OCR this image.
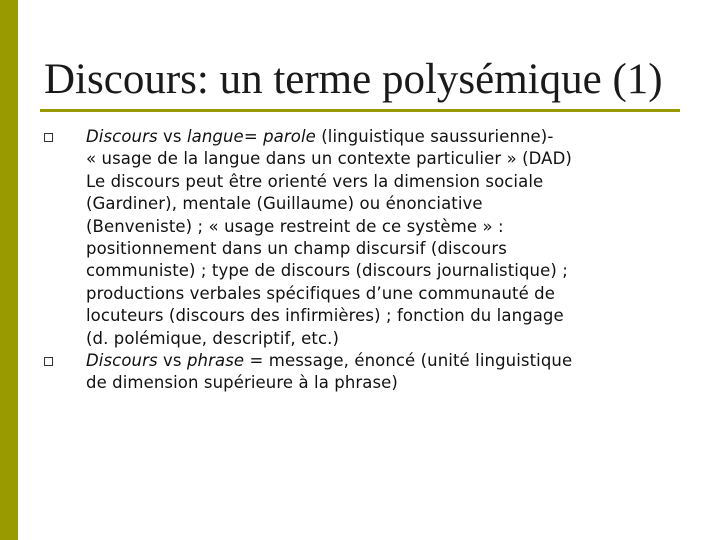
Discours: un terme polysémique (1)
Discours vs langue= parole (linguistique saussurienne)-
« usage de la langue dans un contexte particulier » (DAD)
Le discours peut être orienté vers la dimension sociale
(Gardiner), mentale (Guillaume) ou énonciative
(Benveniste) ; « usage restreint de ce système » :
positionnement dans un champ discursif (discours
communiste) ; type de discours (discours journalistique) ;
productions verbales spécifiques d’une communauté de
locuteurs (discours des infirmières) ; fonction du langage
(d. polémique, descriptif, etc.)
Discours vs phrase = message, énoncé (unité linguistique
de dimension supérieure à la phrase)
